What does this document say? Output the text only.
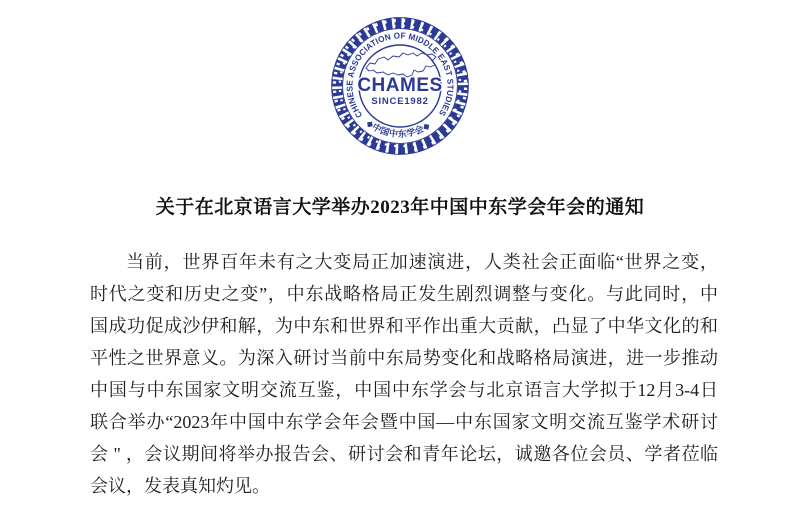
CHINESE ASSOCIATION OF MIDDLE EAST STUDIES
◆ 中 国 中 东 学 会 ◆
CHAMES
SINCE1982
关于在北京语言大学举办2023年中国中东学会年会的通知
当前，世界百年未有之大变局正加速演进，人类社会正面临“世界之变，
时代之变和历史之变”，中东战略格局正发生剧烈调整与变化。与此同时，中
国成功促成沙伊和解，为中东和世界和平作出重大贡献，凸显了中华文化的和
平性之世界意义。为深入研讨当前中东局势变化和战略格局演进，进一步推动
中国与中东国家文明交流互鉴，中国中东学会与北京语言大学拟于12月3-4日
联合举办“2023年中国中东学会年会暨中国—中东国家文明交流互鉴学术研讨
会 " ，会议期间将举办报告会、研讨会和青年论坛，诚邀各位会员、学者莅临
会议，发表真知灼见。
